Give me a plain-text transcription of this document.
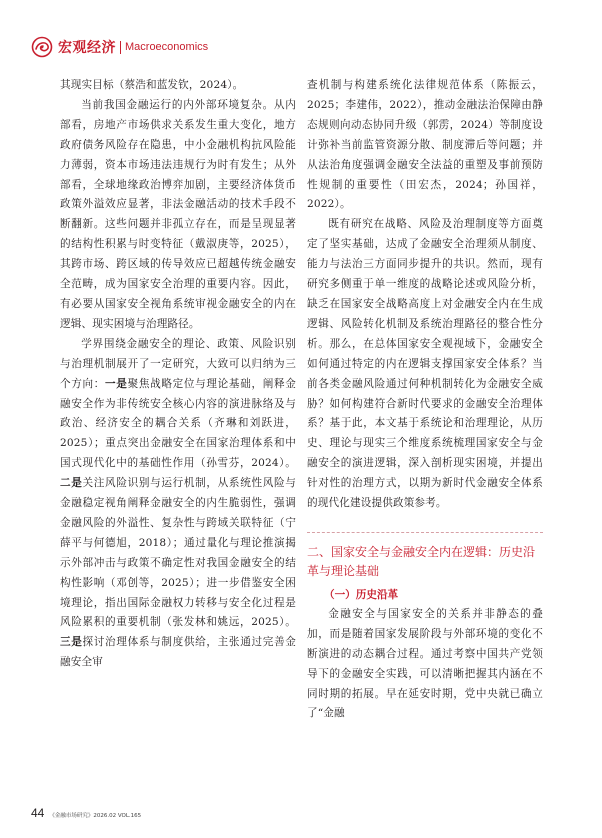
宏观经济 Macroeconomics

其现实目标（蔡浩和蓝发钦，2024）。

当前我国金融运行的内外部环境复杂。从内部看，房地产市场供求关系发生重大变化，地方政府债务风险存在隐患，中小金融机构抗风险能力薄弱，资本市场违法违规行为时有发生；从外部看，全球地缘政治博弈加剧，主要经济体货币政策外溢效应显著，非法金融活动的技术手段不断翻新。这些问题并非孤立存在，而是呈现显著的结构性积累与时变特征（戴淑庚等，2025），其跨市场、跨区域的传导效应已超越传统金融安全范畴，成为国家安全治理的重要内容。因此，有必要从国家安全视角系统审视金融安全的内在逻辑、现实困境与治理路径。

学界围绕金融安全的理论、政策、风险识别与治理机制展开了一定研究，大致可以归纳为三个方向：一是聚焦战略定位与理论基础，阐释金融安全作为非传统安全核心内容的演进脉络及与政治、经济安全的耦合关系（齐琳和刘跃进，2025）；重点突出金融安全在国家治理体系和中国式现代化中的基础性作用（孙雪芬，2024）。二是关注风险识别与运行机制，从系统性风险与金融稳定视角阐释金融安全的内生脆弱性，强调金融风险的外溢性、复杂性与跨域关联特征（宁薛平与何德旭，2018）；通过量化与理论推演揭示外部冲击与政策不确定性对我国金融安全的结构性影响（邓创等，2025）；进一步借鉴安全困境理论，指出国际金融权力转移与安全化过程是风险累积的重要机制（张发林和姚远，2025）。三是探讨治理体系与制度供给，主张通过完善金融安全审

查机制与构建系统化法律规范体系（陈振云，2025；李建伟，2022），推动金融法治保障由静态规则向动态协同升级（郭雳，2024）等制度设计弥补当前监管资源分散、制度滞后等问题；并从法治角度强调金融安全法益的重塑及事前预防性规制的重要性（田宏杰，2024；孙国祥，2022）。

既有研究在战略、风险及治理制度等方面奠定了坚实基础，达成了金融安全治理须从制度、能力与法治三方面同步提升的共识。然而，现有研究多侧重于单一维度的战略论述或风险分析，缺乏在国家安全战略高度上对金融安全内在生成逻辑、风险转化机制及系统治理路径的整合性分析。那么，在总体国家安全观视域下，金融安全如何通过特定的内在逻辑支撑国家安全体系？当前各类金融风险通过何种机制转化为金融安全威胁？如何构建符合新时代要求的金融安全治理体系？基于此，本文基于系统论和治理理论，从历史、理论与现实三个维度系统梳理国家安全与金融安全的演进逻辑，深入剖析现实困境，并提出针对性的治理方式，以期为新时代金融安全体系的现代化建设提供政策参考。

二、国家安全与金融安全内在逻辑：历史沿革与理论基础
（一）历史沿革

金融安全与国家安全的关系并非静态的叠加，而是随着国家发展阶段与外部环境的变化不断演进的动态耦合过程。通过考察中国共产党领导下的金融安全实践，可以清晰把握其内涵在不同时期的拓展。早在延安时期，党中央就已确立了“金融

44 《金融市场研究》2026.02 VOL.165
